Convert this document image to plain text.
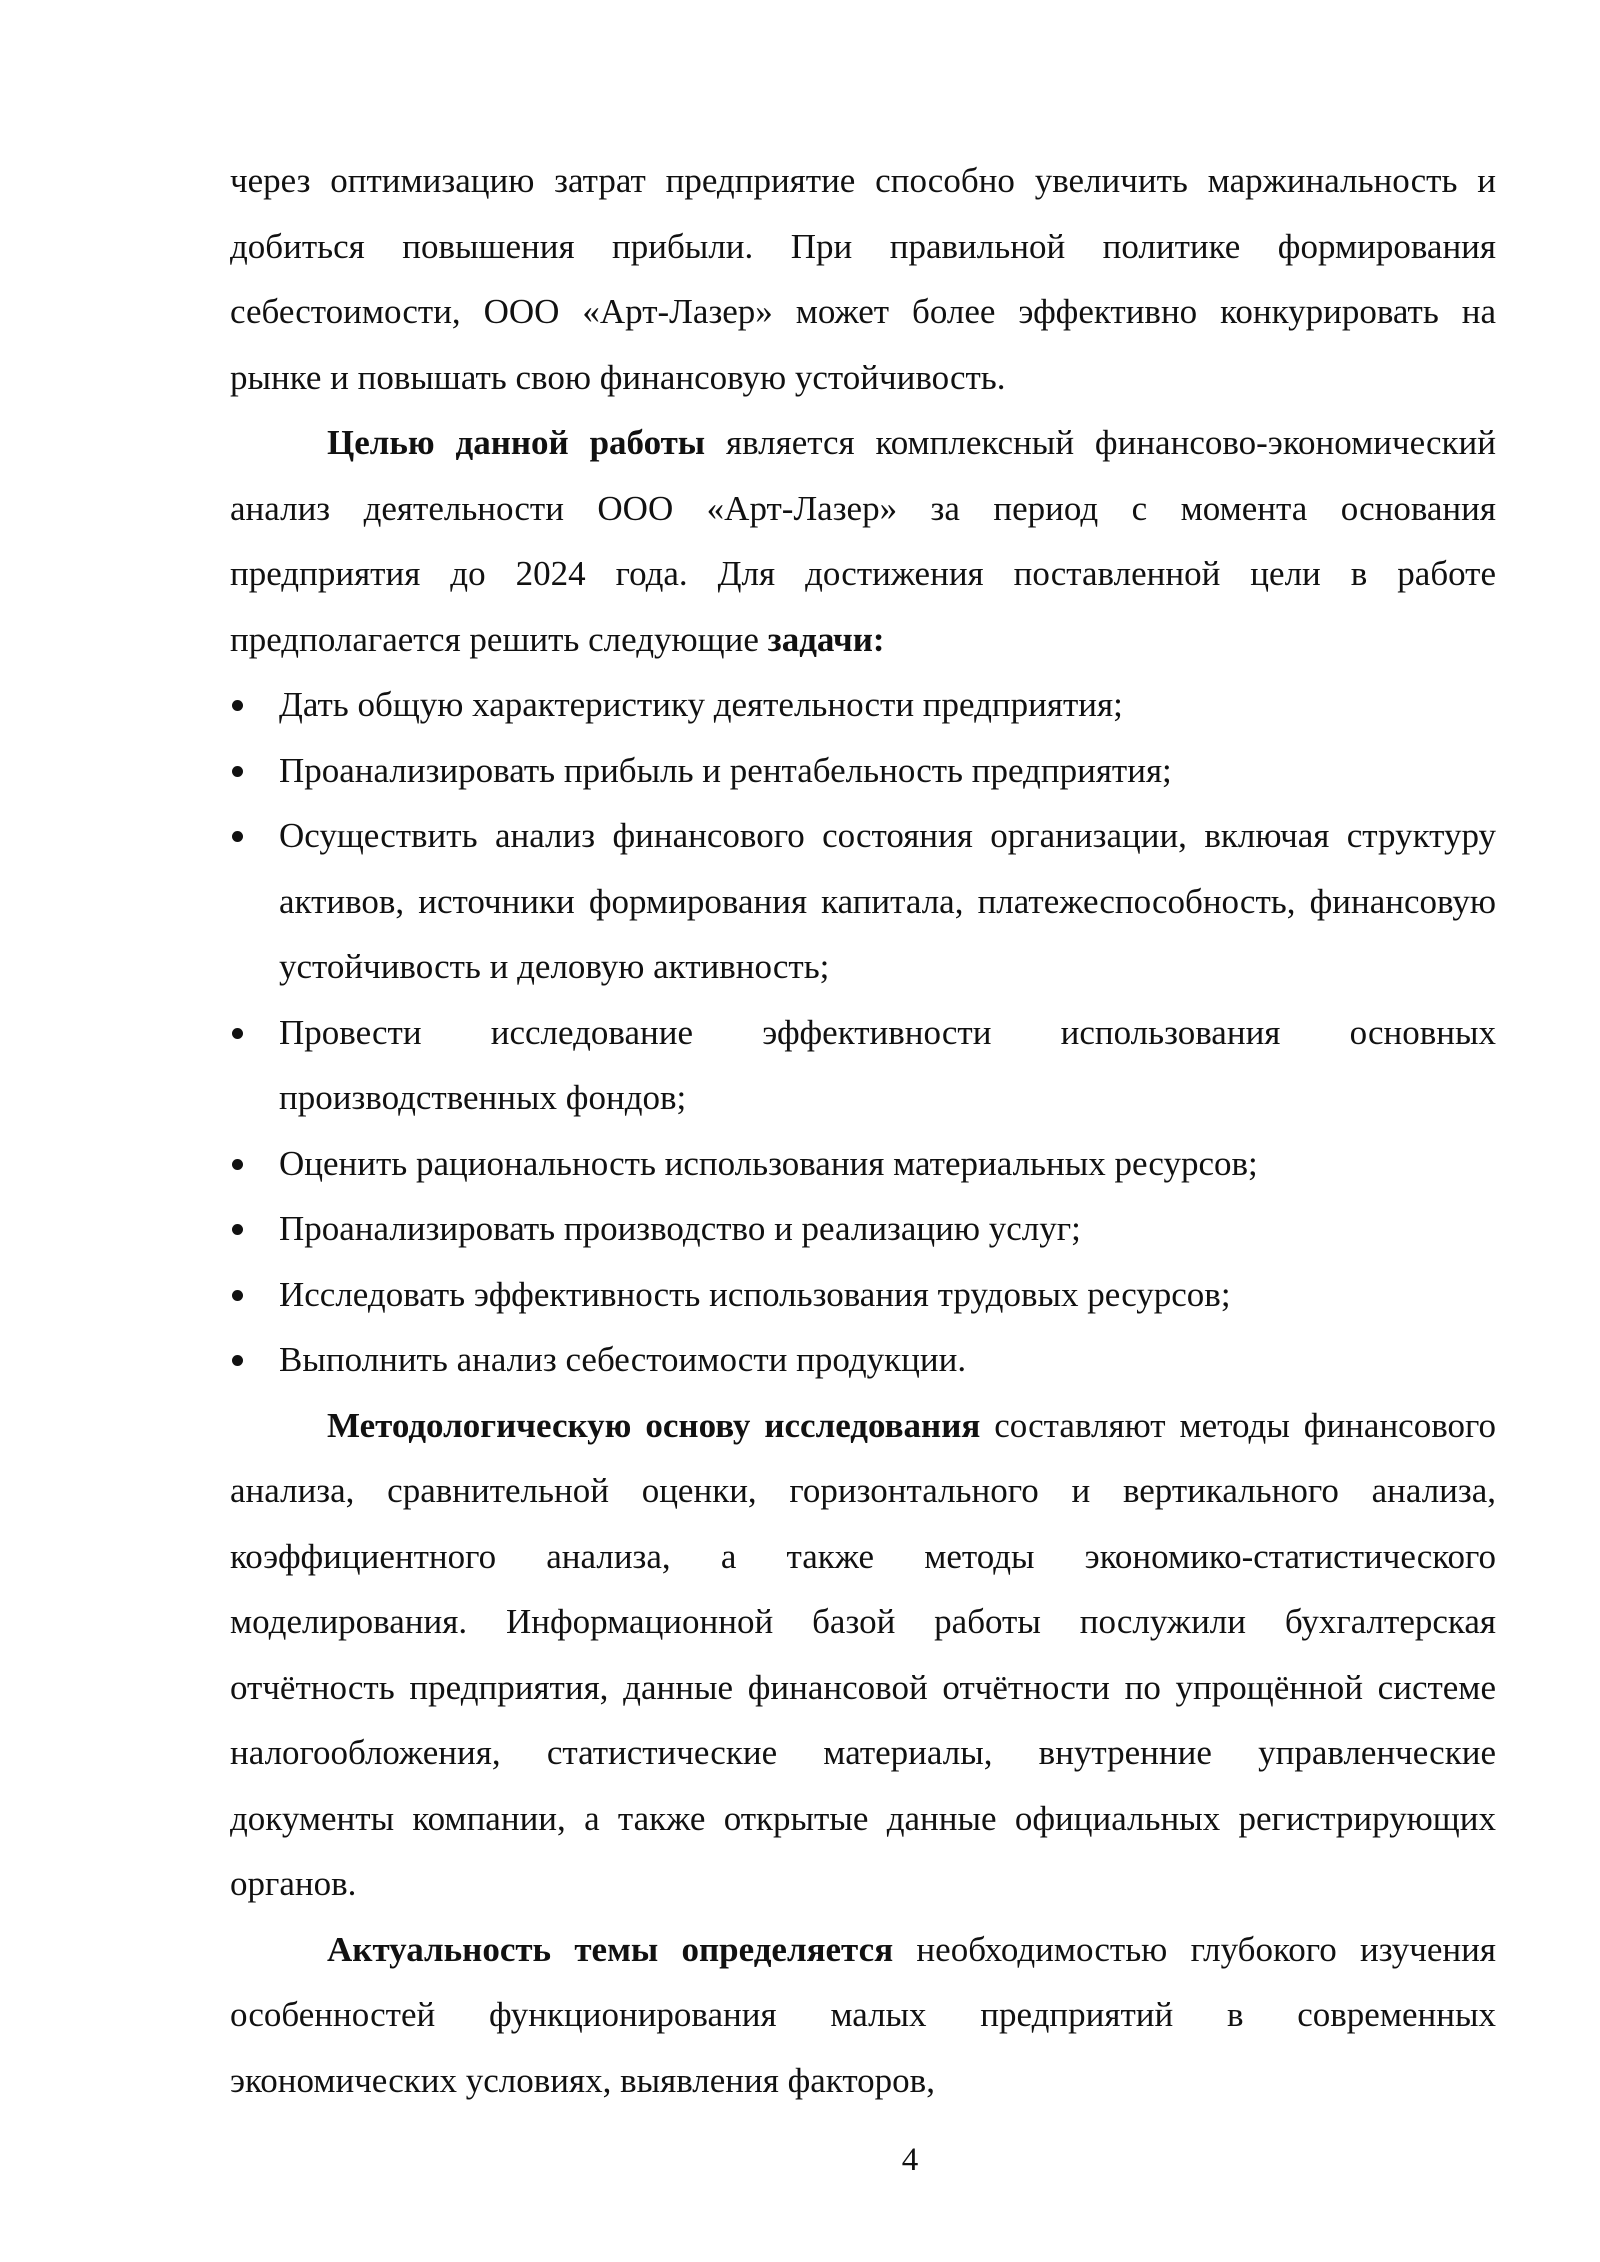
через оптимизацию затрат предприятие способно увеличить маржинальность и добиться повышения прибыли. При правильной политике формирования себестоимости, ООО «Арт-Лазер» может более эффективно конкурировать на рынке и повышать свою финансовую устойчивость.

Целью данной работы является комплексный финансово-экономический анализ деятельности ООО «Арт-Лазер» за период с момента основания предприятия до 2024 года. Для достижения поставленной цели в работе предполагается решить следующие задачи:

Дать общую характеристику деятельности предприятия;
Проанализировать прибыль и рентабельность предприятия;
Осуществить анализ финансового состояния организации, включая структуру активов, источники формирования капитала, платежеспособность, финансовую устойчивость и деловую активность;
Провести исследование эффективности использования основных производственных фондов;
Оценить рациональность использования материальных ресурсов;
Проанализировать производство и реализацию услуг;
Исследовать эффективность использования трудовых ресурсов;
Выполнить анализ себестоимости продукции.

Методологическую основу исследования составляют методы финансового анализа, сравнительной оценки, горизонтального и вертикального анализа, коэффициентного анализа, а также методы экономико-статистического моделирования. Информационной базой работы послужили бухгалтерская отчётность предприятия, данные финансовой отчётности по упрощённой системе налогообложения, статистические материалы, внутренние управленческие документы компании, а также открытые данные официальных регистрирующих органов.

Актуальность темы определяется необходимостью глубокого изучения особенностей функционирования малых предприятий в современных экономических условиях, выявления факторов,

4
